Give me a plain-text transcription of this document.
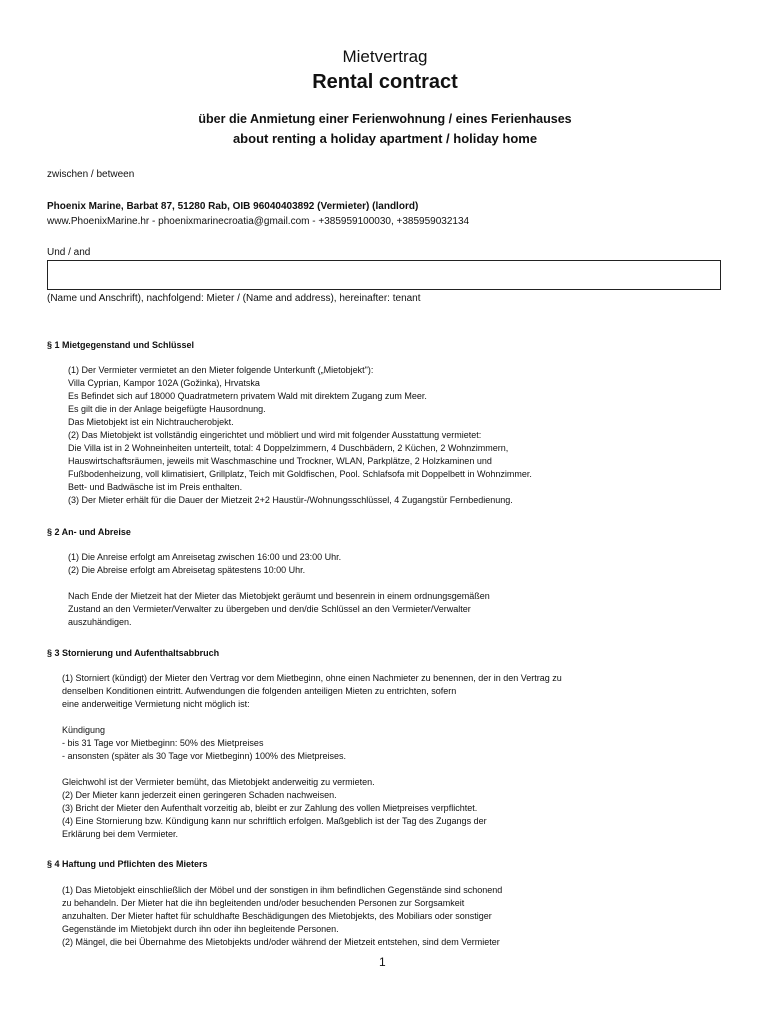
Mietvertrag
Rental contract
über die Anmietung einer Ferienwohnung / eines Ferienhauses
about renting a holiday apartment / holiday home
zwischen / between
Phoenix Marine, Barbat 87, 51280 Rab, OIB 96040403892 (Vermieter) (landlord)
www.PhoenixMarine.hr - phoenixmarinecroatia@gmail.com - +385959100030, +385959032134
Und / and
(Name und Anschrift), nachfolgend: Mieter / (Name and address), hereinafter: tenant
§ 1 Mietgegenstand und Schlüssel
(1) Der Vermieter vermietet an den Mieter folgende Unterkunft („Mietobjekt"):
Villa Cyprian, Kampor 102A (Gožinka), Hrvatska
Es Befindet sich auf 18000 Quadratmetern privatem Wald mit direktem Zugang zum Meer.
Es gilt die in der Anlage beigefügte Hausordnung.
Das Mietobjekt ist ein Nichtraucherobjekt.
(2) Das Mietobjekt ist vollständig eingerichtet und möbliert und wird mit folgender Ausstattung vermietet:
Die Villa ist in 2 Wohneinheiten unterteilt, total: 4 Doppelzimmern, 4 Duschbädern, 2 Küchen, 2 Wohnzimmern,
Hauswirtschaftsräumen, jeweils mit Waschmaschine und Trockner, WLAN, Parkplätze, 2 Holzkaminen und
Fußbodenheizung, voll klimatisiert, Grillplatz, Teich mit Goldfischen, Pool. Schlafsofa mit Doppelbett in Wohnzimmer.
Bett- und Badwäsche ist im Preis enthalten.
(3) Der Mieter erhält für die Dauer der Mietzeit 2+2 Haustür-/Wohnungsschlüssel, 4 Zugangstür Fernbedienung.
§ 2 An- und Abreise
(1) Die Anreise erfolgt am Anreisetag zwischen 16:00 und 23:00 Uhr.
(2) Die Abreise erfolgt am Abreisetag spätestens 10:00 Uhr.
Nach Ende der Mietzeit hat der Mieter das Mietobjekt geräumt und besenrein in einem ordnungsgemäßen
Zustand an den Vermieter/Verwalter zu übergeben und den/die Schlüssel an den Vermieter/Verwalter
auszuhändigen.
§ 3 Stornierung und Aufenthaltsabbruch
(1) Storniert (kündigt) der Mieter den Vertrag vor dem Mietbeginn, ohne einen Nachmieter zu benennen, der in den Vertrag zu
denselben Konditionen eintritt. Aufwendungen die folgenden anteiligen Mieten zu entrichten, sofern
eine anderweitige Vermietung nicht möglich ist:
Kündigung
- bis 31 Tage vor Mietbeginn: 50% des Mietpreises
- ansonsten (später als 30 Tage vor Mietbeginn) 100% des Mietpreises.
Gleichwohl ist der Vermieter bemüht, das Mietobjekt anderweitig zu vermieten.
(2) Der Mieter kann jederzeit einen geringeren Schaden nachweisen.
(3) Bricht der Mieter den Aufenthalt vorzeitig ab, bleibt er zur Zahlung des vollen Mietpreises verpflichtet.
(4) Eine Stornierung bzw. Kündigung kann nur schriftlich erfolgen. Maßgeblich ist der Tag des Zugangs der
Erklärung bei dem Vermieter.
§ 4 Haftung und Pflichten des Mieters
(1) Das Mietobjekt einschließlich der Möbel und der sonstigen in ihm befindlichen Gegenstände sind schonend
zu behandeln. Der Mieter hat die ihn begleitenden und/oder besuchenden Personen zur Sorgsamkeit
anzuhalten. Der Mieter haftet für schuldhafte Beschädigungen des Mietobjekts, des Mobiliars oder sonstiger
Gegenstände im Mietobjekt durch ihn oder ihn begleitende Personen.
(2) Mängel, die bei Übernahme des Mietobjekts und/oder während der Mietzeit entstehen, sind dem Vermieter
1
